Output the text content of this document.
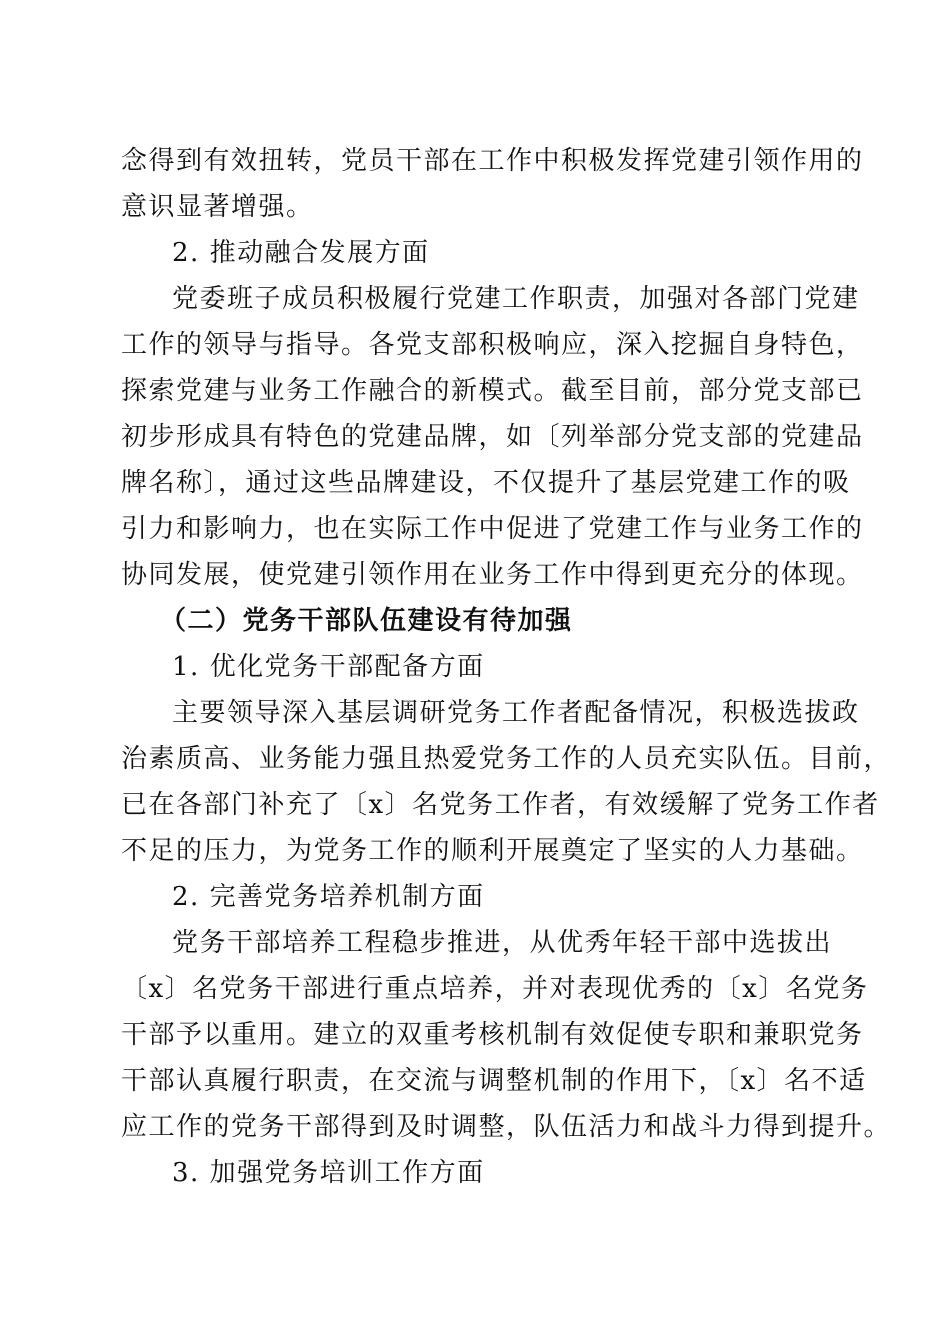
念得到有效扭转，党员干部在工作中积极发挥党建引领作用的
意识显著增强。
2. 推动融合发展方面
党委班子成员积极履行党建工作职责，加强对各部门党建
工作的领导与指导。各党支部积极响应，深入挖掘自身特色，
探索党建与业务工作融合的新模式。截至目前，部分党支部已
初步形成具有特色的党建品牌，如〔列举部分党支部的党建品
牌名称〕，通过这些品牌建设，不仅提升了基层党建工作的吸
引力和影响力，也在实际工作中促进了党建工作与业务工作的
协同发展，使党建引领作用在业务工作中得到更充分的体现。
（二）党务干部队伍建设有待加强
1. 优化党务干部配备方面
主要领导深入基层调研党务工作者配备情况，积极选拔政
治素质高、业务能力强且热爱党务工作的人员充实队伍。目前，
已在各部门补充了〔x〕名党务工作者，有效缓解了党务工作者
不足的压力，为党务工作的顺利开展奠定了坚实的人力基础。
2. 完善党务培养机制方面
党务干部培养工程稳步推进，从优秀年轻干部中选拔出
〔x〕名党务干部进行重点培养，并对表现优秀的〔x〕名党务
干部予以重用。建立的双重考核机制有效促使专职和兼职党务
干部认真履行职责，在交流与调整机制的作用下，〔x〕名不适
应工作的党务干部得到及时调整，队伍活力和战斗力得到提升。
3. 加强党务培训工作方面
